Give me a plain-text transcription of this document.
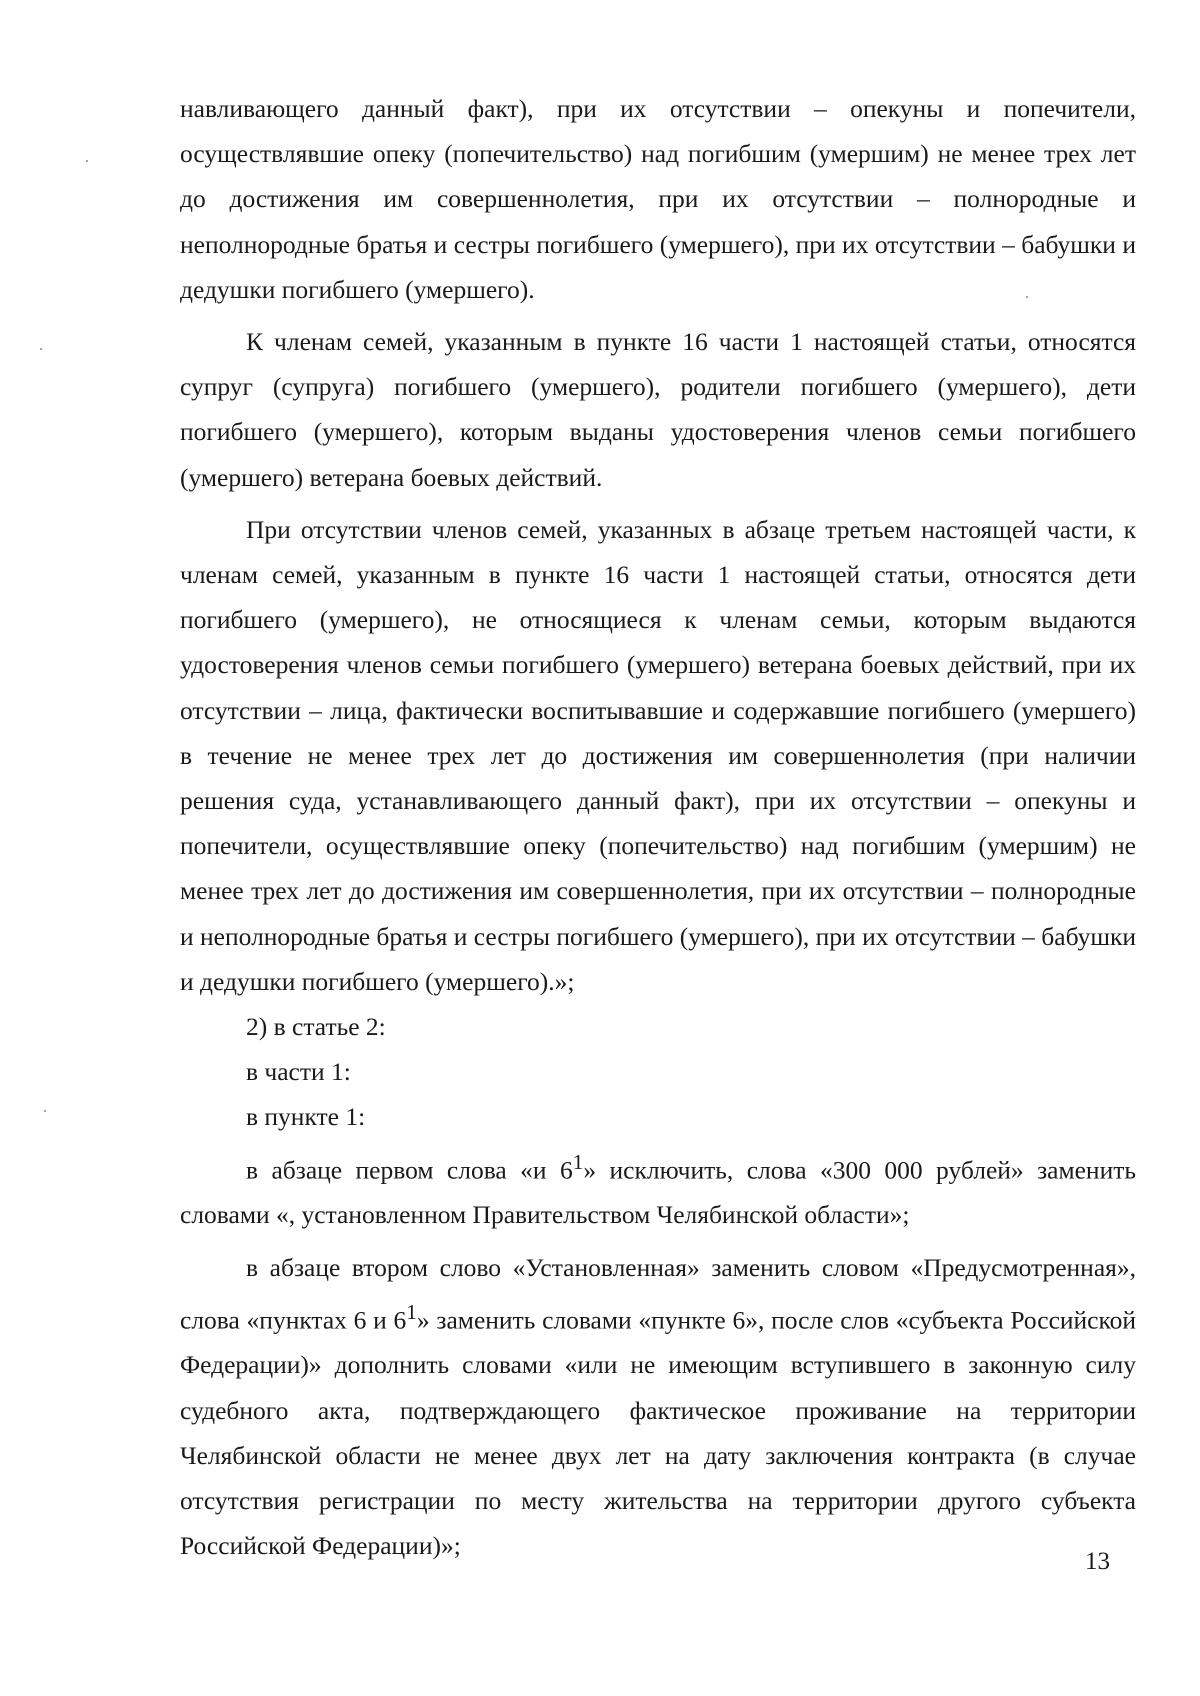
навливающего данный факт), при их отсутствии – опекуны и попечители, осуществлявшие опеку (попечительство) над погибшим (умершим) не менее трех лет до достижения им совершеннолетия, при их отсутствии – полнородные и неполнородные братья и сестры погибшего (умершего), при их отсутствии – бабушки и дедушки погибшего (умершего).

К членам семей, указанным в пункте 16 части 1 настоящей статьи, относятся супруг (супруга) погибшего (умершего), родители погибшего (умершего), дети погибшего (умершего), которым выданы удостоверения членов семьи погибшего (умершего) ветерана боевых действий.

При отсутствии членов семей, указанных в абзаце третьем настоящей части, к членам семей, указанным в пункте 16 части 1 настоящей статьи, относятся дети погибшего (умершего), не относящиеся к членам семьи, которым выдаются удостоверения членов семьи погибшего (умершего) ветерана боевых действий, при их отсутствии – лица, фактически воспитывавшие и содержавшие погибшего (умершего) в течение не менее трех лет до достижения им совершеннолетия (при наличии решения суда, устанавливающего данный факт), при их отсутствии – опекуны и попечители, осуществлявшие опеку (попечительство) над погибшим (умершим) не менее трех лет до достижения им совершеннолетия, при их отсутствии – полнородные и неполнородные братья и сестры погибшего (умершего), при их отсутствии – бабушки и дедушки погибшего (умершего).»;

2) в статье 2:

в части 1:

в пункте 1:

в абзаце первом слова «и $6^1$» исключить, слова «300 000 рублей» заменить словами «, установленном Правительством Челябинской области»;

в абзаце втором слово «Установленная» заменить словом «Предусмотренная», слова «пунктах 6 и $6^1$» заменить словами «пункте 6», после слов «субъекта Российской Федерации)» дополнить словами «или не имеющим вступившего в законную силу судебного акта, подтверждающего фактическое проживание на территории Челябинской области не менее двух лет на дату заключения контракта (в случае отсутствия регистрации по месту жительства на территории другого субъекта Российской Федерации)»;

13
